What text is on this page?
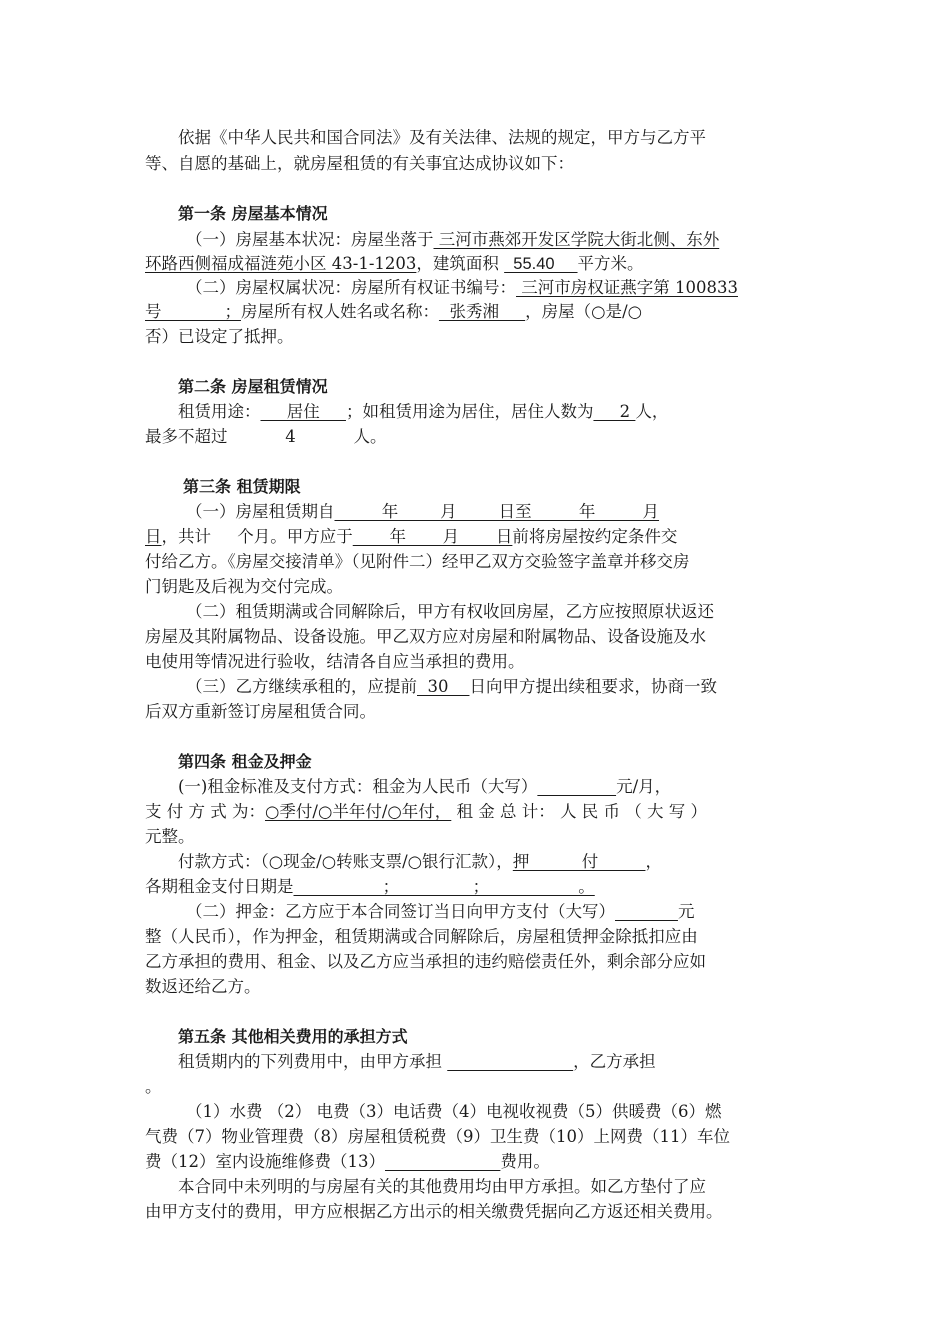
依据《中华人民共和国合同法》及有关法律、法规的规定，甲方与乙方平
等、自愿的基础上，就房屋租赁的有关事宜达成协议如下：
第一条 房屋基本情况
（一）房屋基本状况：房屋坐落于 三河市燕郊开发区学院大街北侧、东外
环路西侧福成福涟苑小区 43-1-1203，建筑面积   55.40     平方米。
（二）房屋权属状况：房屋所有权证书编号： 三河市房权证燕字第 100833
号            ；房屋所有权人姓名或名称：  张秀湘     ，房屋（○是/○
否）已设定了抵押。
第二条 房屋租赁情况
租赁用途：     居住     ；如租赁用途为居住，居住人数为     2 人，
最多不超过	4	人。
第三条 租赁期限
（一）房屋租赁期自         年        月        日至         年         月
日，共计     个月。甲方应于       年       月       日前将房屋按约定条件交
付给乙方。《房屋交接清单》（见附件二）经甲乙双方交验签字盖章并移交房
门钥匙及后视为交付完成。
（二）租赁期满或合同解除后，甲方有权收回房屋，乙方应按照原状返还
房屋及其附属物品、设备设施。甲乙双方应对房屋和附属物品、设备设施及水
电使用等情况进行验收，结清各自应当承担的费用。
（三）乙方继续承租的，应提前  30    日向甲方提出续租要求，协商一致
后双方重新签订房屋租赁合同。
第四条 租金及押金
(一)租金标准及支付方式：租金为人民币（大写）	元/月，
支 付 方 式 为：○季付/○半年付/○年付， 租 金 总 计： 人 民 币 （ 大 写 ）
元整。
付款方式：（○现金/○转账支票/○银行汇款），押          付         ，
各期租金支付日期是                 ；              ；                 。
（二）押金：乙方应于本合同签订当日向甲方支付（大写）	元
整（人民币），作为押金，租赁期满或合同解除后，房屋租赁押金除抵扣应由
乙方承担的费用、租金、以及乙方应当承担的违约赔偿责任外，剩余部分应如
数返还给乙方。
第五条 其他相关费用的承担方式
租赁期内的下列费用中，由甲方承担	，乙方承担
。
（1）水费 （2） 电费（3）电话费（4）电视收视费（5）供暖费（6）燃
气费（7）物业管理费（8）房屋租赁税费（9）卫生费（10）上网费（11）车位
费（12）室内设施维修费（13）	费用。
本合同中未列明的与房屋有关的其他费用均由甲方承担。如乙方垫付了应
由甲方支付的费用，甲方应根据乙方出示的相关缴费凭据向乙方返还相关费用。
